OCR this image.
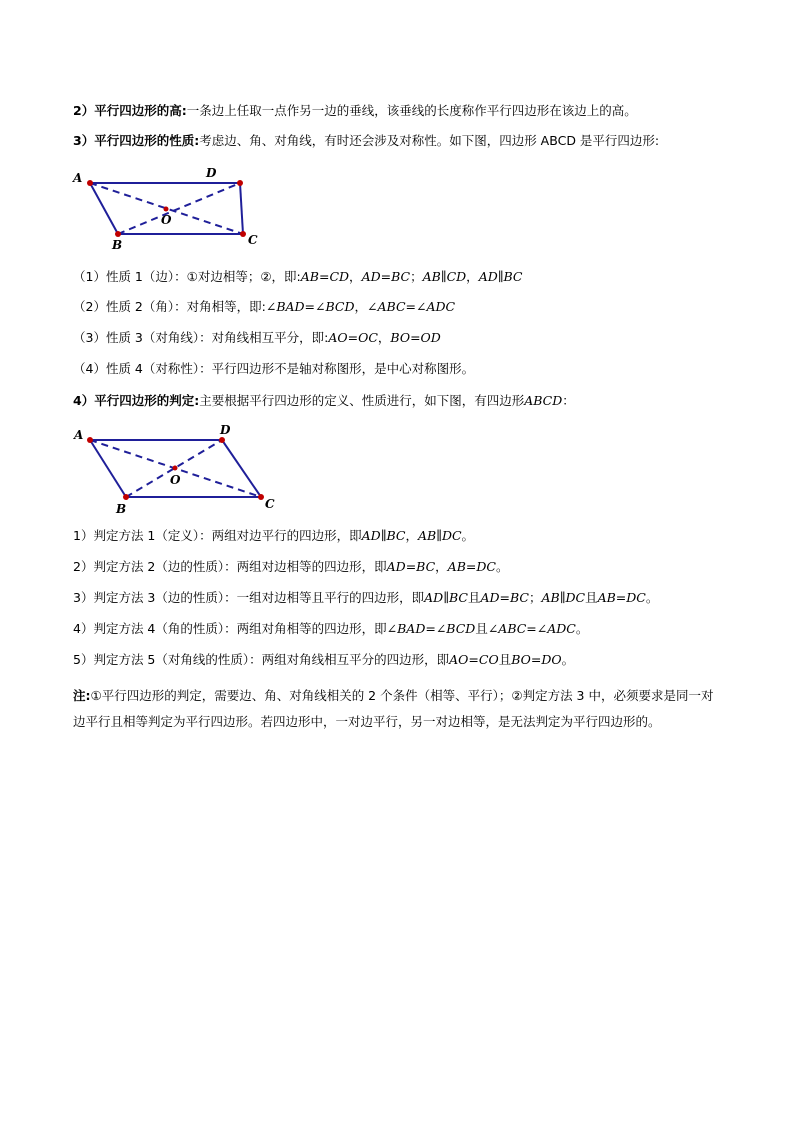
2）平行四边形的高:一条边上任取一点作另一边的垂线，该垂线的长度称作平行四边形在该边上的高。
3）平行四边形的性质:考虑边、角、对角线，有时还会涉及对称性。如下图，四边形 ABCD 是平行四边形:
A	D
B	C
O
（1）性质 1（边）：①对边相等；②，即:AB=CD，AD=BC；AB∥CD，AD∥BC
（2）性质 2（角）：对角相等，即:∠BAD=∠BCD，∠ABC=∠ADC
（3）性质 3（对角线）：对角线相互平分，即:AO=OC，BO=OD
（4）性质 4（对称性）：平行四边形不是轴对称图形，是中心对称图形。
4）平行四边形的判定:主要根据平行四边形的定义、性质进行，如下图，有四边形ABCD：
A	D
B	C
O
1）判定方法 1（定义）：两组对边平行的四边形，即AD∥BC，AB∥DC。
2）判定方法 2（边的性质）：两组对边相等的四边形，即AD=BC，AB=DC。
3）判定方法 3（边的性质）：一组对边相等且平行的四边形，即AD∥BC且AD=BC；AB∥DC且AB=DC。
4）判定方法 4（角的性质）：两组对角相等的四边形，即∠BAD=∠BCD且∠ABC=∠ADC。
5）判定方法 5（对角线的性质）：两组对角线相互平分的四边形，即AO=CO且BO=DO。
注:①平行四边形的判定，需要边、角、对角线相关的 2 个条件（相等、平行）；②判定方法 3 中，必须要求是同一对边平行且相等判定为平行四边形。若四边形中，一对边平行，另一对边相等，是无法判定为平行四边形的。
